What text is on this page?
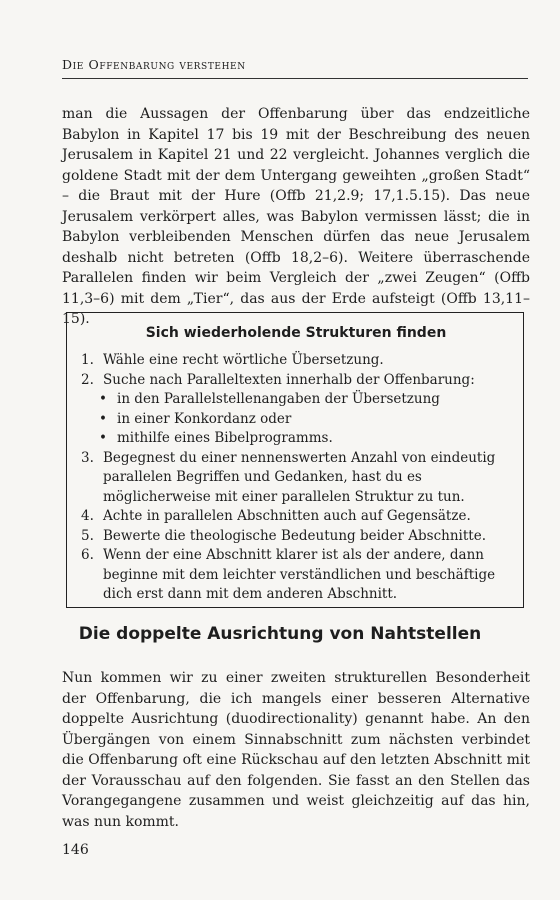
Die Offenbarung verstehen

man die Aussagen der Offenbarung über das endzeitliche Babylon in Kapitel 17 bis 19 mit der Beschreibung des neuen Jerusalem in Kapitel 21 und 22 vergleicht. Johannes verglich die goldene Stadt mit der dem Untergang geweihten „großen Stadt“ – die Braut mit der Hure (Offb 21,2.9; 17,1.5.15). Das neue Jerusalem verkörpert alles, was Babylon vermissen lässt; die in Babylon verbleibenden Menschen dürfen das neue Jerusalem deshalb nicht betreten (Offb 18,2–6). Weitere überraschende Parallelen finden wir beim Vergleich der „zwei Zeugen“ (Offb 11,3–6) mit dem „Tier“, das aus der Erde aufsteigt (Offb 13,11–15).

Sich wiederholende Strukturen finden
1. Wähle eine recht wörtliche Übersetzung.
2. Suche nach Paralleltexten innerhalb der Offenbarung:
• in den Parallelstellenangaben der Übersetzung
• in einer Konkordanz oder
• mithilfe eines Bibelprogramms.
3. Begegnest du einer nennenswerten Anzahl von eindeutig parallelen Begriffen und Gedanken, hast du es möglicherweise mit einer parallelen Struktur zu tun.
4. Achte in parallelen Abschnitten auch auf Gegensätze.
5. Bewerte die theologische Bedeutung beider Abschnitte.
6. Wenn der eine Abschnitt klarer ist als der andere, dann beginne mit dem leichter verständlichen und beschäftige dich erst dann mit dem anderen Abschnitt.
Die doppelte Ausrichtung von Nahtstellen

Nun kommen wir zu einer zweiten strukturellen Besonderheit der Offenbarung, die ich mangels einer besseren Alternative doppelte Ausrichtung (duodirectionality) genannt habe. An den Übergängen von einem Sinnabschnitt zum nächsten verbindet die Offenbarung oft eine Rückschau auf den letzten Abschnitt mit der Vorausschau auf den folgenden. Sie fasst an den Stellen das Vorangegangene zusammen und weist gleichzeitig auf das hin, was nun kommt.

146
